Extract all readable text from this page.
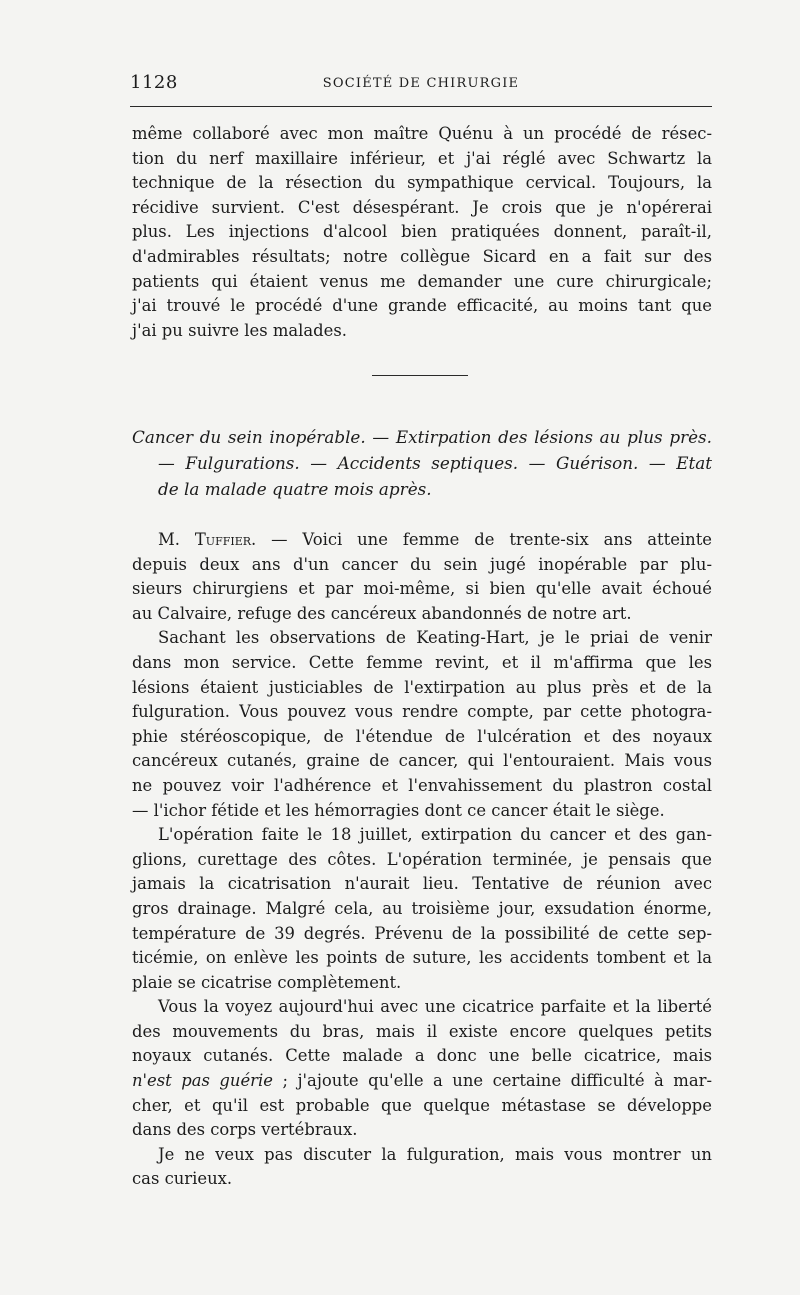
1128	SOCIÉTÉ DE CHIRURGIE
même collaboré avec mon maître Quénu à un procédé de résec-
tion du nerf maxillaire inférieur, et j'ai réglé avec Schwartz la
technique de la résection du sympathique cervical. Toujours, la
récidive survient. C'est désespérant. Je crois que je n'opérerai
plus. Les injections d'alcool bien pratiquées donnent, paraît-il,
d'admirables résultats; notre collègue Sicard en a fait sur des
patients qui étaient venus me demander une cure chirurgicale;
j'ai trouvé le procédé d'une grande efficacité, au moins tant que
j'ai pu suivre les malades.
Cancer du sein inopérable. — Extirpation des lésions au plus près.
— Fulgurations. — Accidents septiques. — Guérison. — Etat
de la malade quatre mois après.
M. Tuffier. — Voici une femme de trente-six ans atteinte
depuis deux ans d'un cancer du sein jugé inopérable par plu-
sieurs chirurgiens et par moi-même, si bien qu'elle avait échoué
au Calvaire, refuge des cancéreux abandonnés de notre art.
Sachant les observations de Keating-Hart, je le priai de venir
dans mon service. Cette femme revint, et il m'affirma que les
lésions étaient justiciables de l'extirpation au plus près et de la
fulguration. Vous pouvez vous rendre compte, par cette photogra-
phie stéréoscopique, de l'étendue de l'ulcération et des noyaux
cancéreux cutanés, graine de cancer, qui l'entouraient. Mais vous
ne pouvez voir l'adhérence et l'envahissement du plastron costal
— l'ichor fétide et les hémorragies dont ce cancer était le siège.
L'opération faite le 18 juillet, extirpation du cancer et des gan-
glions, curettage des côtes. L'opération terminée, je pensais que
jamais la cicatrisation n'aurait lieu. Tentative de réunion avec
gros drainage. Malgré cela, au troisième jour, exsudation énorme,
température de 39 degrés. Prévenu de la possibilité de cette sep-
ticémie, on enlève les points de suture, les accidents tombent et la
plaie se cicatrise complètement.
Vous la voyez aujourd'hui avec une cicatrice parfaite et la liberté
des mouvements du bras, mais il existe encore quelques petits
noyaux cutanés. Cette malade a donc une belle cicatrice, mais
n'est pas guérie ; j'ajoute qu'elle a une certaine difficulté à mar-
cher, et qu'il est probable que quelque métastase se développe
dans des corps vertébraux.
Je ne veux pas discuter la fulguration, mais vous montrer un
cas curieux.
